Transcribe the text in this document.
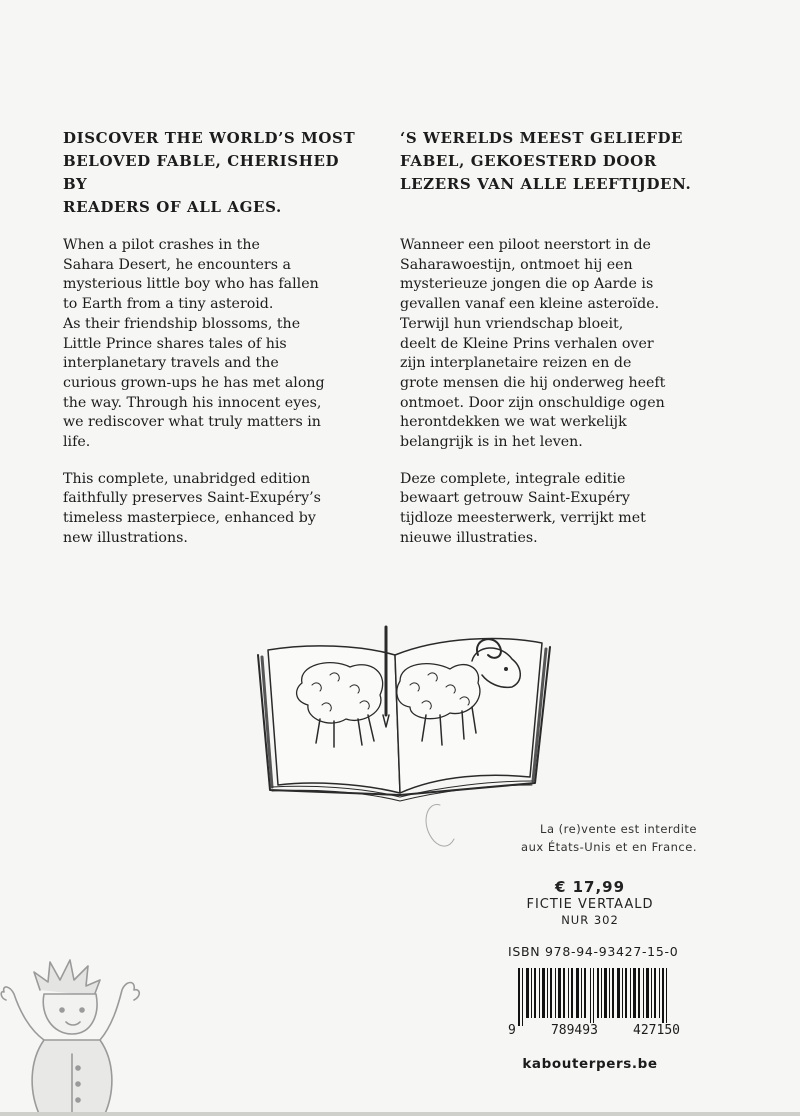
DISCOVER THE WORLD’S MOST
BELOVED FABLE, CHERISHED BY
READERS OF ALL AGES.

When a pilot crashes in the
Sahara Desert, he encounters a
mysterious little boy who has fallen
to Earth from a tiny asteroid.
As their friendship blossoms, the
Little Prince shares tales of his
interplanetary travels and the
curious grown-ups he has met along
the way. Through his innocent eyes,
we rediscover what truly matters in
life.

This complete, unabridged edition
faithfully preserves Saint-Exupéry’s
timeless masterpiece, enhanced by
new illustrations.

‘S WERELDS MEEST GELIEFDE
FABEL, GEKOESTERD DOOR
LEZERS VAN ALLE LEEFTIJDEN.

Wanneer een piloot neerstort in de
Saharawoestijn, ontmoet hij een
mysterieuze jongen die op Aarde is
gevallen vanaf een kleine asteroïde.
Terwijl hun vriendschap bloeit,
deelt de Kleine Prins verhalen over
zijn interplanetaire reizen en de
grote mensen die hij onderweg heeft
ontmoet. Door zijn onschuldige ogen
herontdekken we wat werkelijk
belangrijk is in het leven.

Deze complete, integrale editie
bewaart getrouw Saint-Exupéry
tijdloze meesterwerk, verrijkt met
nieuwe illustraties.

La (re)vente est interdite
aux États-Unis et en France.
€ 17,99
FICTIE VERTAALD
NUR 302
ISBN 978-94-93427-15-0
9	789493	427150
kabouterpers.be
